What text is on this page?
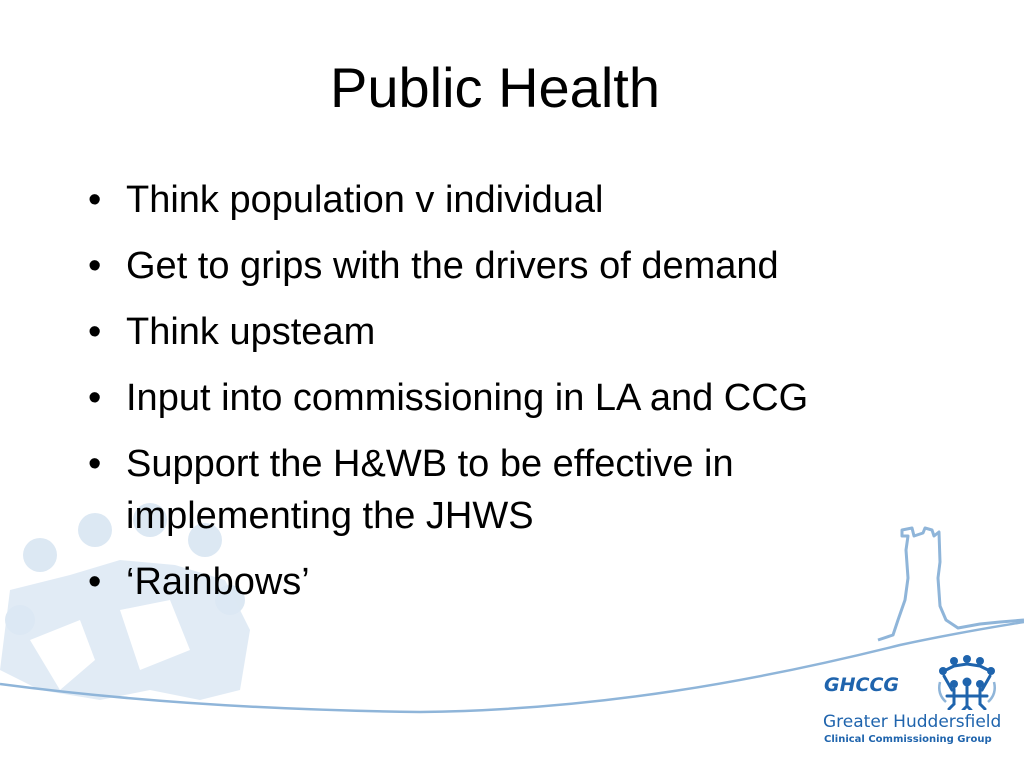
Public Health
• Think population v individual
• Get to grips with the drivers of demand
• Think upsteam
• Input into commissioning in LA and CCG
• Support the H&WB to be effective in implementing the JHWS
• ‘Rainbows’
GHCCG
Greater Huddersfield
Clinical Commissioning Group
